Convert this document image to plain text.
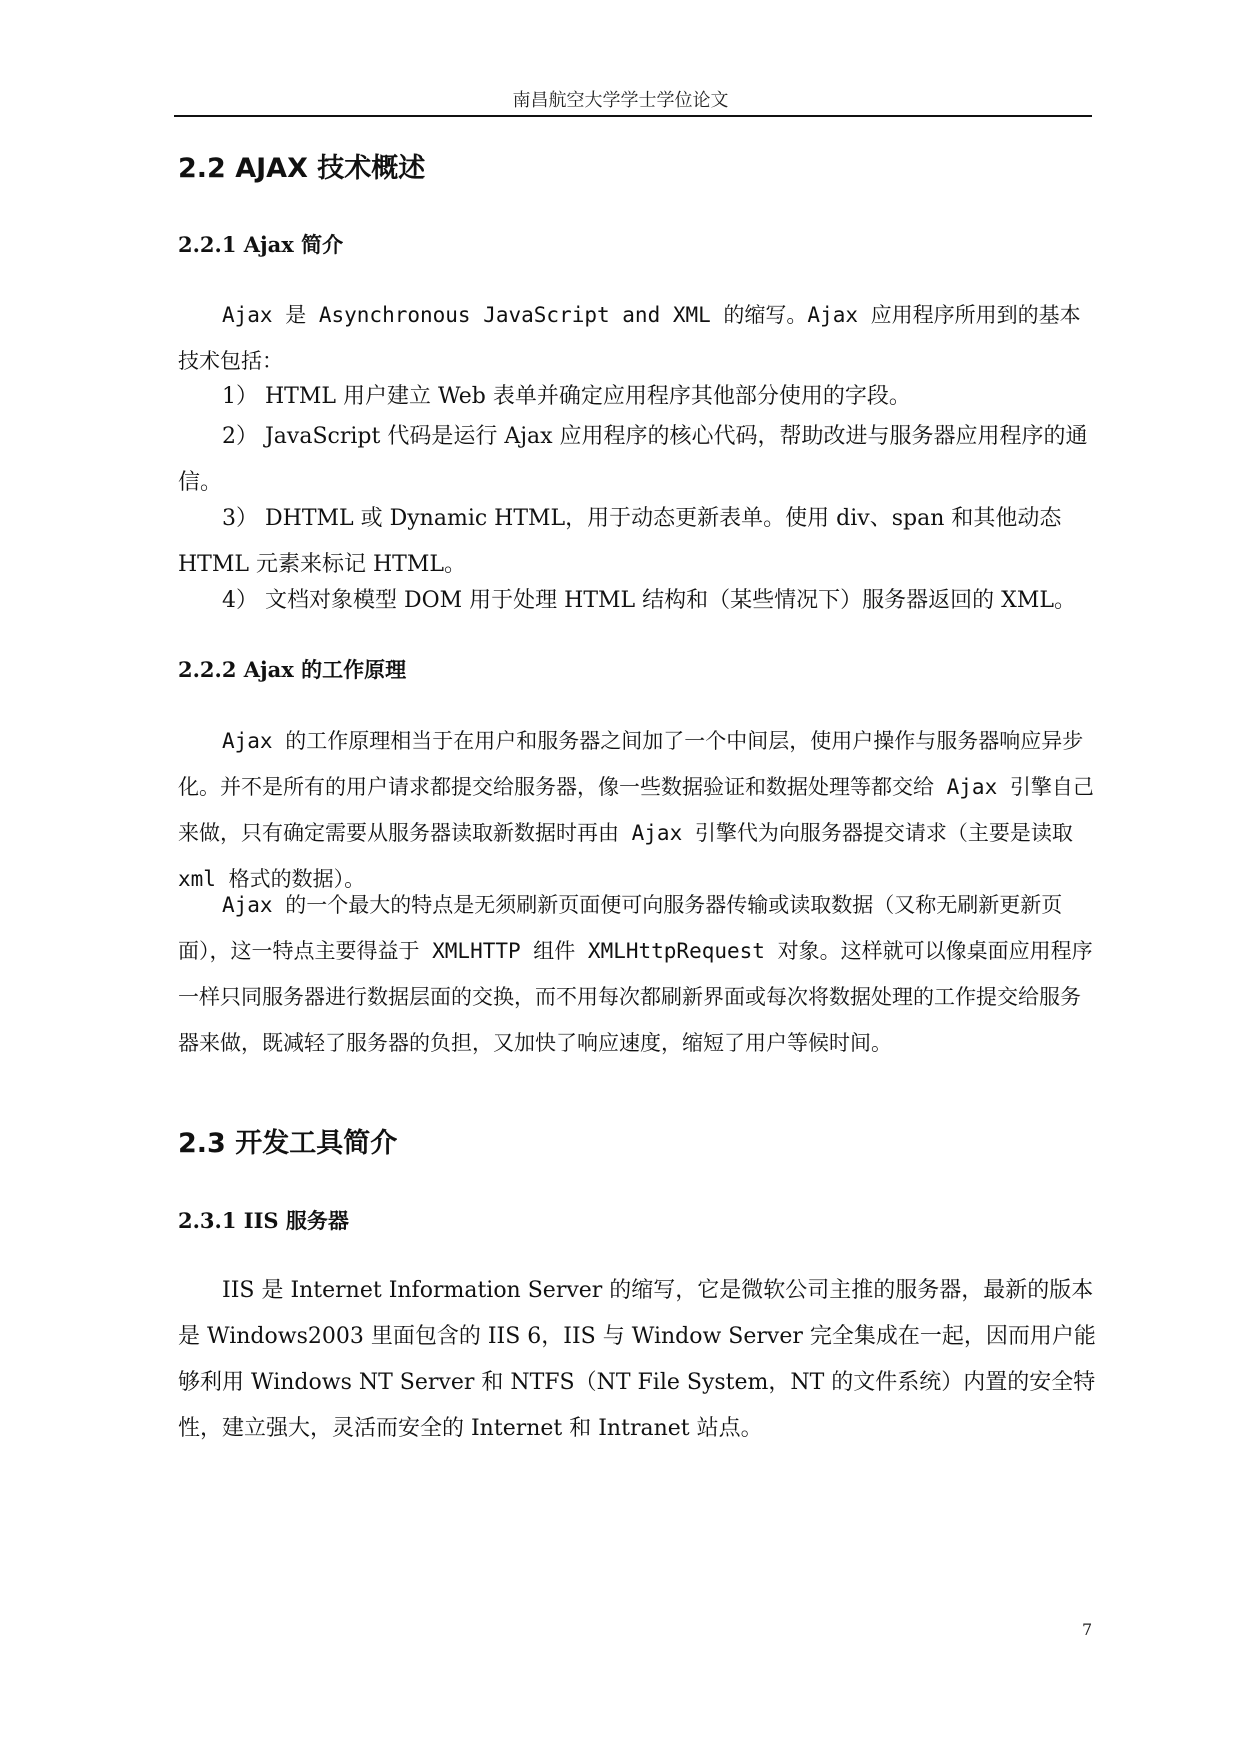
南昌航空大学学士学位论文
2.2 AJAX 技术概述
2.2.1 Ajax 简介

Ajax 是 Asynchronous JavaScript and XML 的缩写。Ajax 应用程序所用到的基本技术包括：

1） HTML 用户建立 Web 表单并确定应用程序其他部分使用的字段。

2） JavaScript 代码是运行 Ajax 应用程序的核心代码，帮助改进与服务器应用程序的通信。

3） DHTML 或 Dynamic HTML，用于动态更新表单。使用 div、span 和其他动态 HTML 元素来标记 HTML。

4） 文档对象模型 DOM 用于处理 HTML 结构和（某些情况下）服务器返回的 XML。

2.2.2 Ajax 的工作原理

Ajax 的工作原理相当于在用户和服务器之间加了一个中间层，使用户操作与服务器响应异步化。并不是所有的用户请求都提交给服务器，像一些数据验证和数据处理等都交给 Ajax 引擎自己来做，只有确定需要从服务器读取新数据时再由 Ajax 引擎代为向服务器提交请求（主要是读取 xml 格式的数据）。

Ajax 的一个最大的特点是无须刷新页面便可向服务器传输或读取数据（又称无刷新更新页面），这一特点主要得益于 XMLHTTP 组件 XMLHttpRequest 对象。这样就可以像桌面应用程序一样只同服务器进行数据层面的交换，而不用每次都刷新界面或每次将数据处理的工作提交给服务器来做，既减轻了服务器的负担，又加快了响应速度，缩短了用户等候时间。

2.3 开发工具简介
2.3.1 IIS 服务器

IIS 是 Internet Information Server 的缩写，它是微软公司主推的服务器，最新的版本是 Windows2003 里面包含的 IIS 6，IIS 与 Window Server 完全集成在一起，因而用户能够利用 Windows NT Server 和 NTFS（NT File System，NT 的文件系统）内置的安全特性，建立强大，灵活而安全的 Internet 和 Intranet 站点。

7
